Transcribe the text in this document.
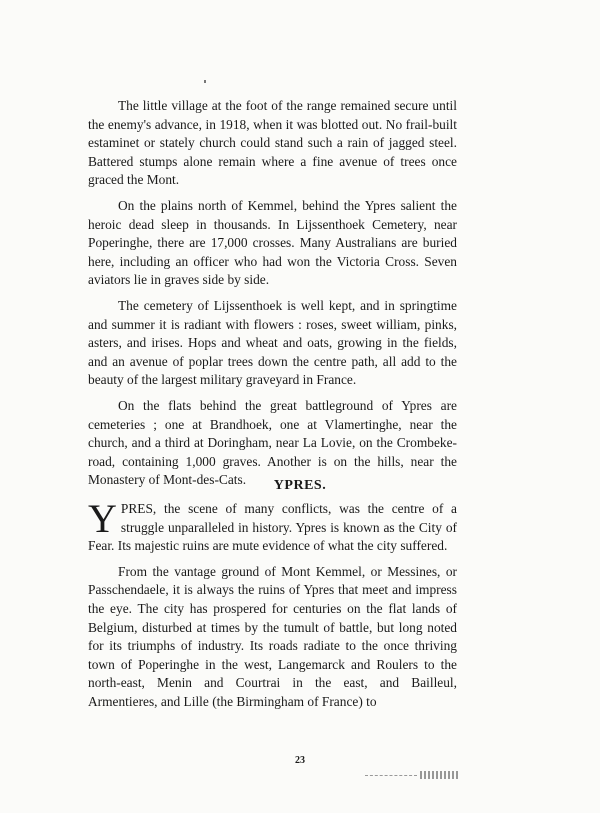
The little village at the foot of the range remained secure until the enemy's advance, in 1918, when it was blotted out. No frail-built estaminet or stately church could stand such a rain of jagged steel. Battered stumps alone remain where a fine avenue of trees once graced the Mont.

On the plains north of Kemmel, behind the Ypres salient the heroic dead sleep in thousands. In Lijssenthoek Cemetery, near Poperinghe, there are 17,000 crosses. Many Australians are buried here, including an officer who had won the Victoria Cross. Seven aviators lie in graves side by side.

The cemetery of Lijssenthoek is well kept, and in springtime and summer it is radiant with flowers : roses, sweet william, pinks, asters, and irises. Hops and wheat and oats, growing in the fields, and an avenue of poplar trees down the centre path, all add to the beauty of the largest military graveyard in France.

On the flats behind the great battleground of Ypres are cemeteries ; one at Brandhoek, one at Vlamertinghe, near the church, and a third at Doringham, near La Lovie, on the Crombeke-road, containing 1,000 graves. Another is on the hills, near the Monastery of Mont-des-Cats.	YPRES.

YPRES, the scene of many conflicts, was the centre of a struggle unparalleled in history. Ypres is known as the City of Fear. Its majestic ruins are mute evidence of what the city suffered.

From the vantage ground of Mont Kemmel, or Messines, or Passchendaele, it is always the ruins of Ypres that meet and impress the eye. The city has prospered for centuries on the flat lands of Belgium, disturbed at times by the tumult of battle, but long noted for its triumphs of industry. Its roads radiate to the once thriving town of Poperinghe in the west, Langemarck and Roulers to the north-east, Menin and Courtrai in the east, and Bailleul, Armentieres, and Lille (the Birmingham of France) to

23
